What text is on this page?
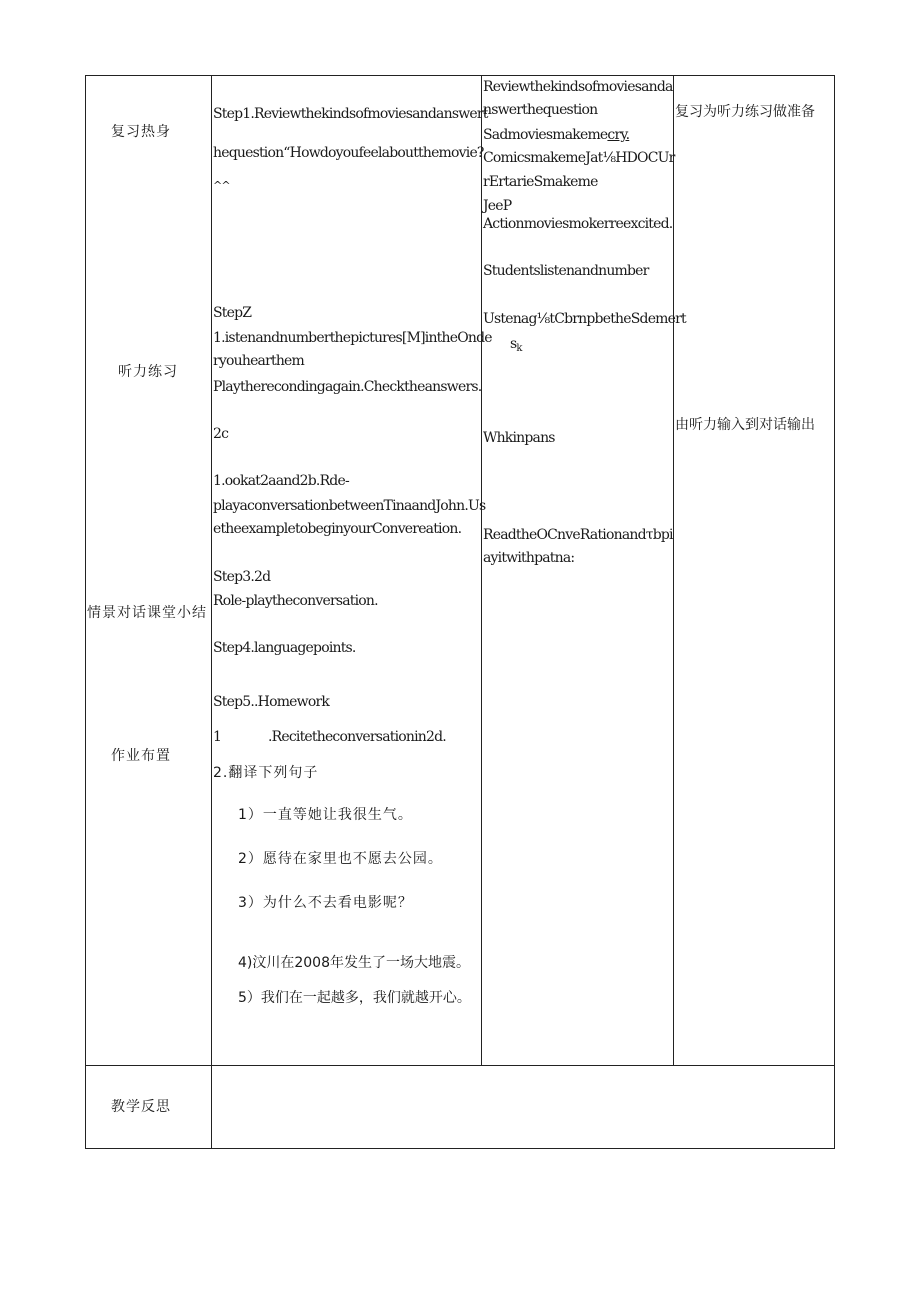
复习热身
听力练习
情景对话课堂小结
作业布置
教学反思
Step1.Reviewthekindsofmoviesandanswert
hequestion“Howdoyoufeelaboutthemovie?
^^
StepZ
1.istenandnumberthepictures[M]intheOnde
ryouhearthem
Playtherecondingagain.Checktheanswers.
2c
1.ookat2aand2b.Rde-
playaconversationbetweenTinaandJohn.Us
etheexampletobeginyourConvereation.
Step3.2d
Role-playtheconversation.
Step4.languagepoints.
Step5..Homework
1	.Recitetheconversationin2d.
2.翻译下列句子
1）一直等她让我很生气。
2）愿待在家里也不愿去公园。
3）为什么不去看电影呢？
4)汶川在2008年发生了一场大地震。
5）我们在一起越多，我们就越开心。
Reviewthekindsofmoviesanda
nswerthequestion
Sadmoviesmakemecry.
ComicsmakemeJat⅛HDOCUr
rErtarieSmakeme
JeeP
Actionmoviesmokerreexcited.
Studentslistenandnumber
Ustenag⅛tCbrnpbetheSdemert
$s_k$
Whkinpans
ReadtheOCnveRationandτbpi
ayitwithpatna:
复习为听力练习做准备
由听力输入到对话输出
